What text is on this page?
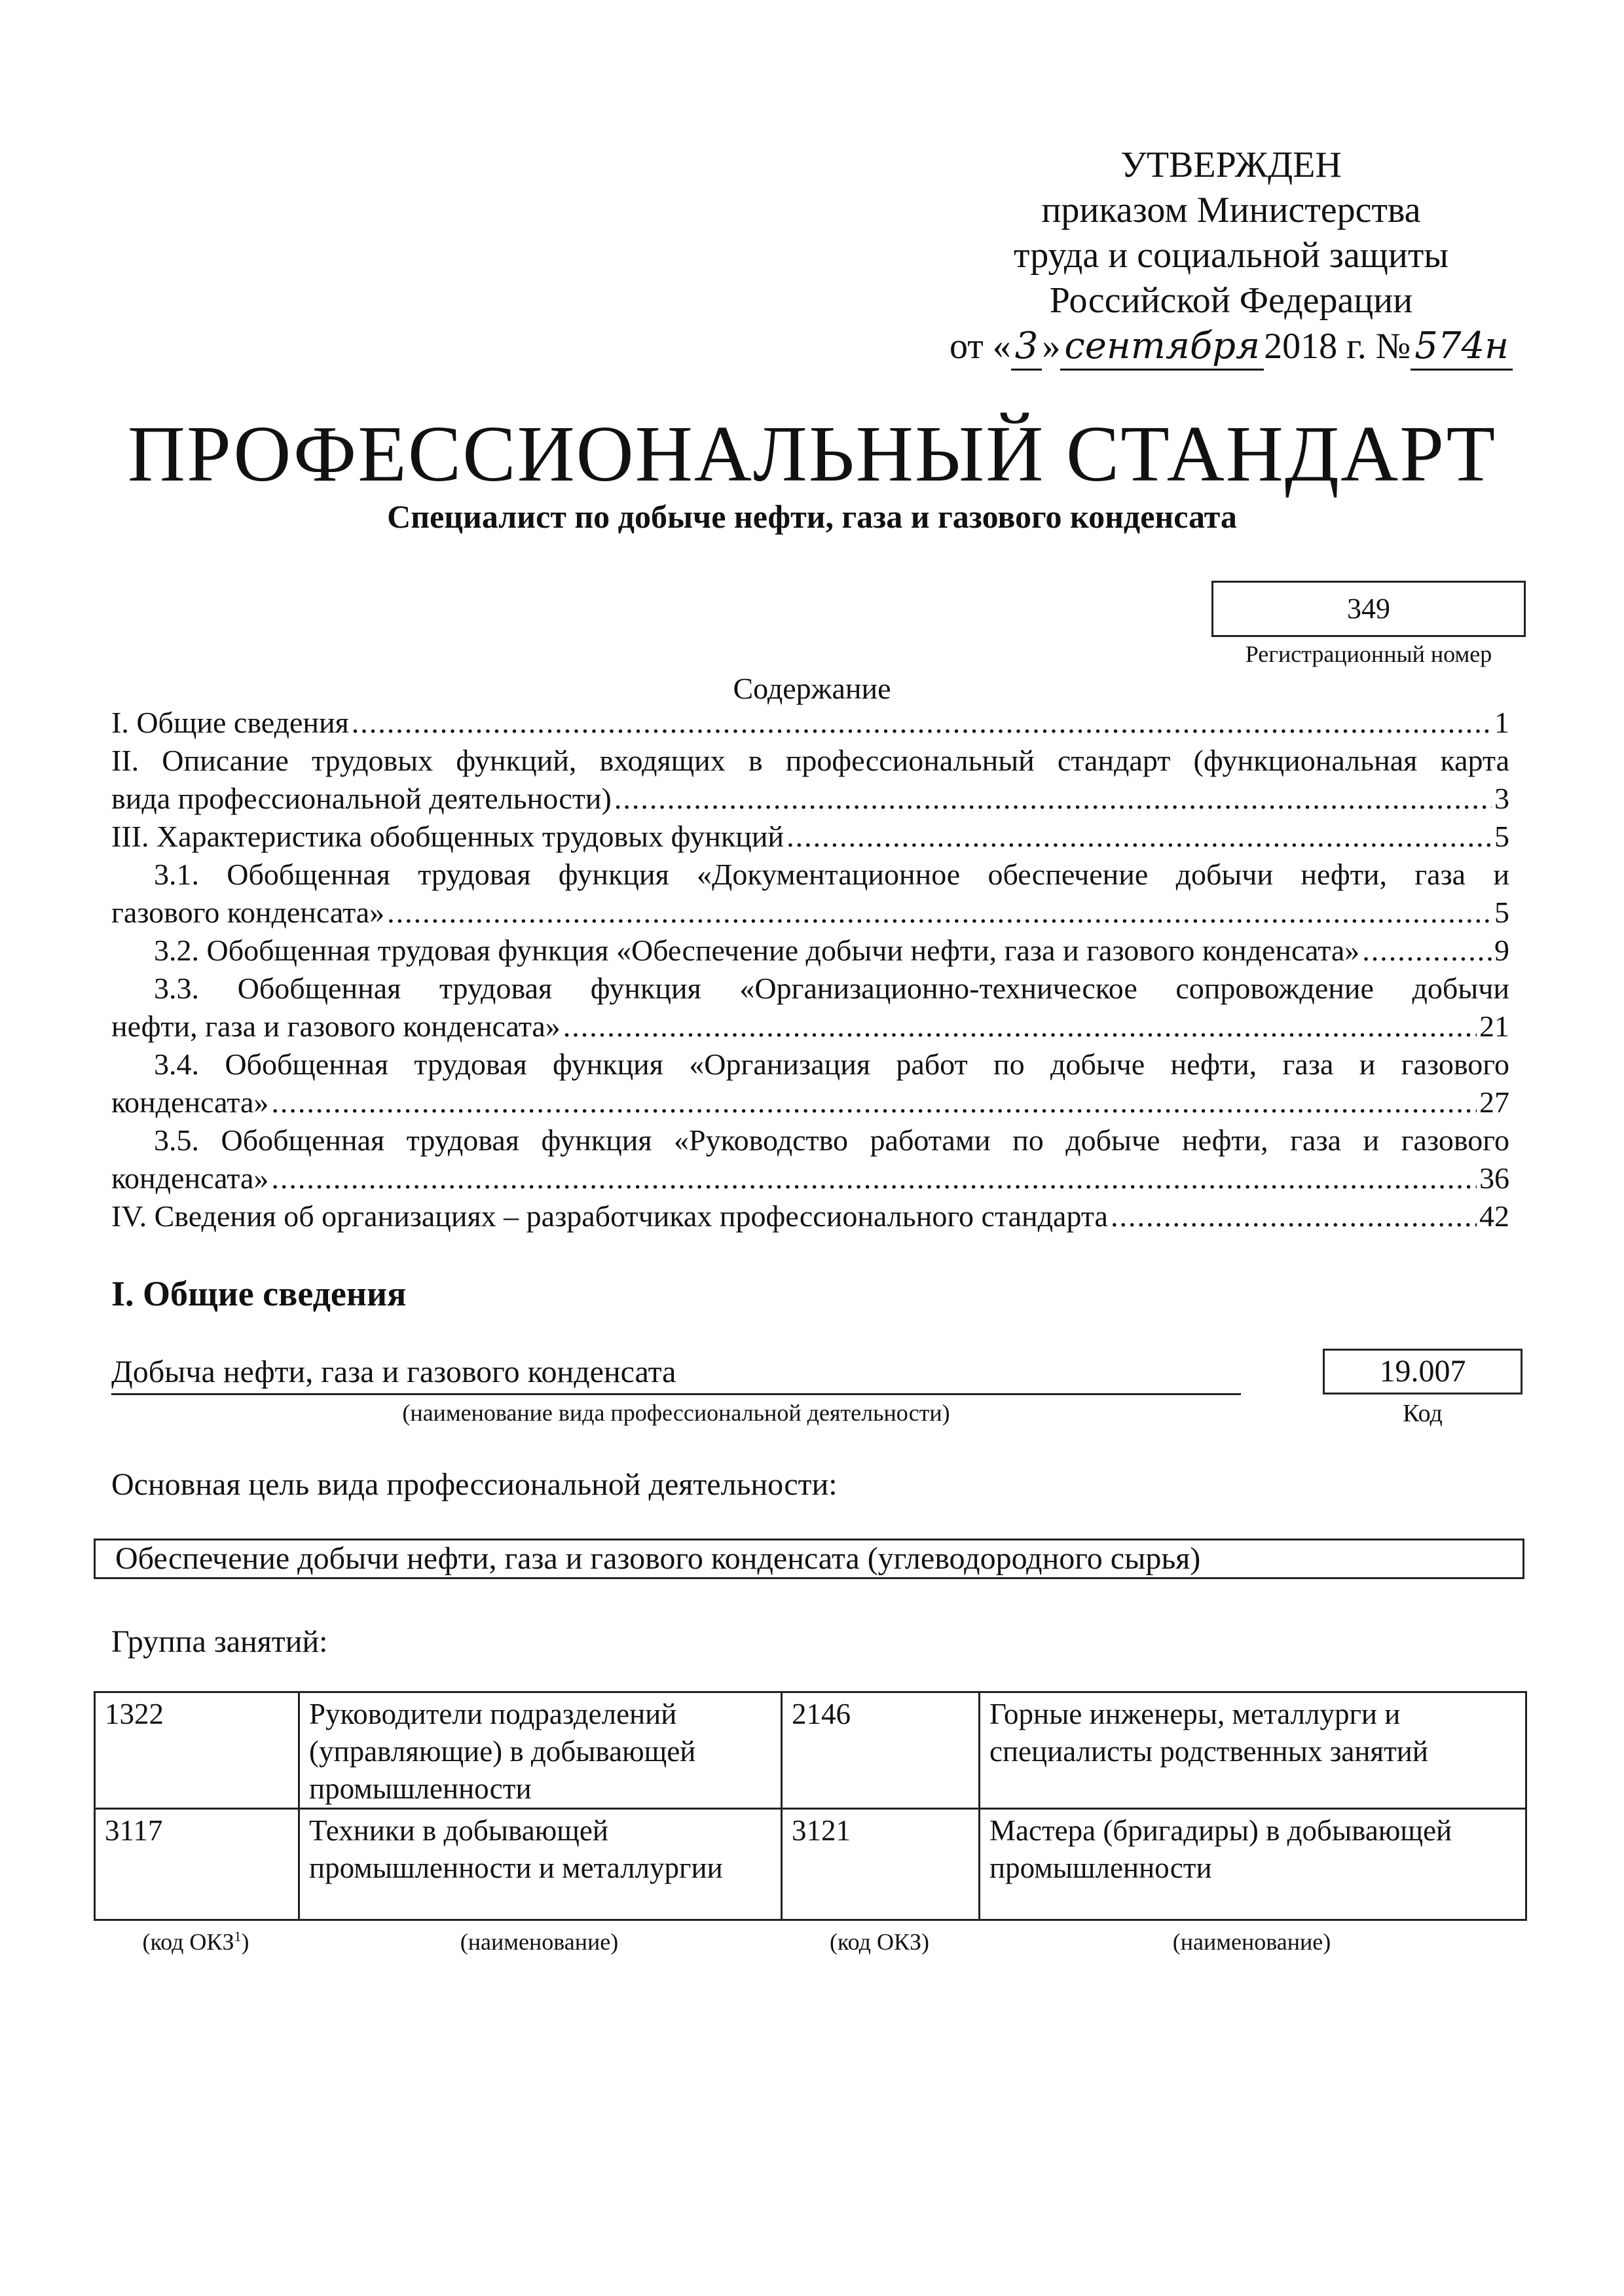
УТВЕРЖДЕН
приказом Министерства
труда и социальной защиты
Российской Федерации
от « 3 » сентября 2018 г. № 574н
ПРОФЕССИОНАЛЬНЫЙ СТАНДАРТ
Специалист по добыче нефти, газа и газового конденсата
349
Регистрационный номер
Содержание
I. Общие сведения .....	1
II. Описание трудовых функций, входящих в профессиональный стандарт (функциональная карта
вида профессиональной деятельности) .....	3
III. Характеристика обобщенных трудовых функций .....	5
3.1. Обобщенная трудовая функция «Документационное обеспечение добычи нефти, газа и
газового конденсата» .....	5
3.2. Обобщенная трудовая функция «Обеспечение добычи нефти, газа и газового конденсата» .....	9
3.3. Обобщенная трудовая функция «Организационно-техническое сопровождение добычи
нефти, газа и газового конденсата» .....	21
3.4. Обобщенная трудовая функция «Организация работ по добыче нефти, газа и газового
конденсата» .....	27
3.5. Обобщенная трудовая функция «Руководство работами по добыче нефти, газа и газового
конденсата» .....	36
IV. Сведения об организациях – разработчиках профессионального стандарта .....	42
I. Общие сведения
Добыча нефти, газа и газового конденсата
(наименование вида профессиональной деятельности)
19.007
Код
Основная цель вида профессиональной деятельности:
Обеспечение добычи нефти, газа и газового конденсата (углеводородного сырья)
Группа занятий:
1322	Руководители подразделений (управляющие) в добывающей промышленности	2146	Горные инженеры, металлурги и специалисты родственных занятий
3117	Техники в добывающей промышленности и металлургии	3121	Мастера (бригадиры) в добывающей промышленности
(код ОКЗ$^1$)	(наименование)	(код ОКЗ)	(наименование)
